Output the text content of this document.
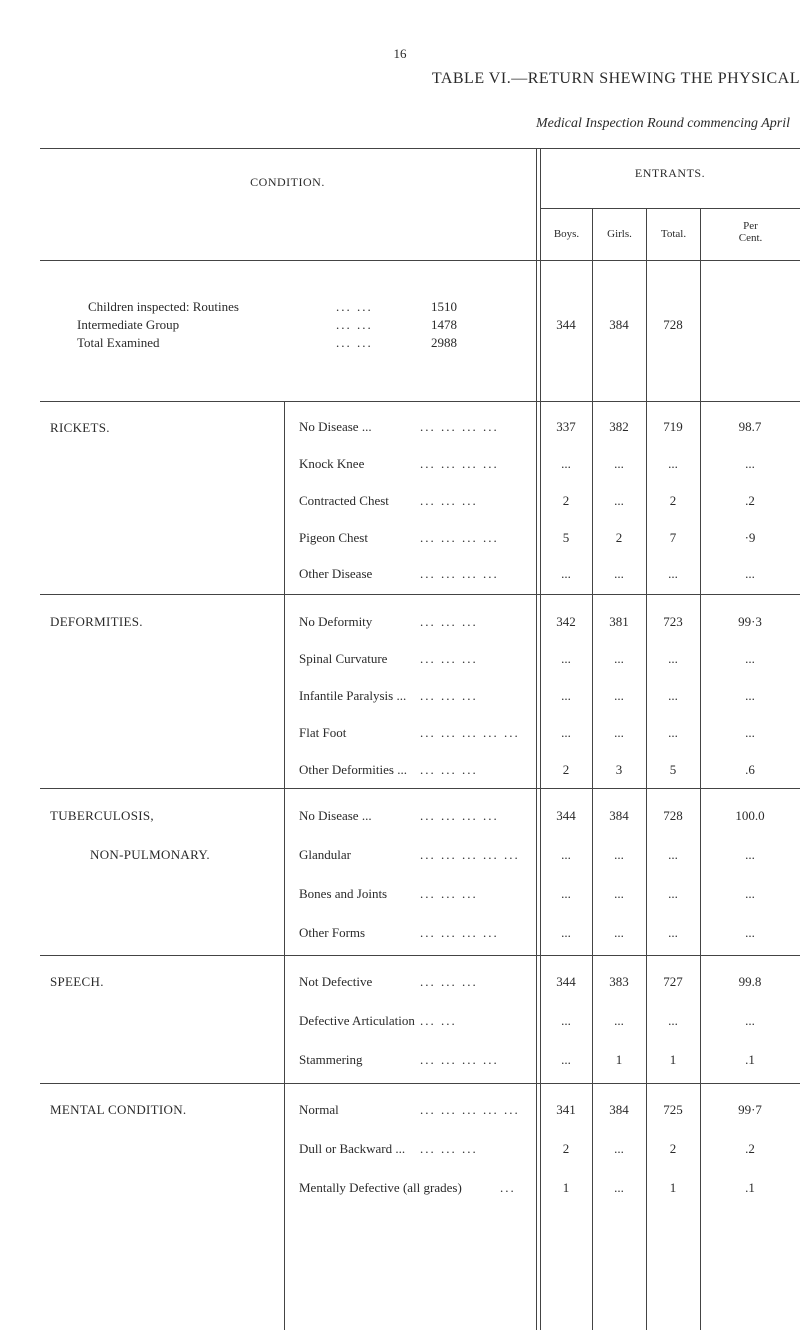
16
TABLE VI.—RETURN SHEWING THE PHYSICAL
Medical Inspection Round commencing April
CONDITION.
ENTRANTS.
Boys.	Girls.	Total.
Per
Cent.
Children inspected: Routines	... ...	1510
Intermediate Group	... ...	1478
Total Examined	... ...	2988
344	384	728
RICKETS.	No Disease ...	... ... ... ...	337	382	719	98.7
Knock Knee	... ... ... ...	...	...	...	...
Contracted Chest ... ... ...	2	...	2	.2
Pigeon Chest	... ... ... ...	5	2	7	·9
Other Disease	... ... ... ...	...	...	...	...
DEFORMITIES.	No Deformity	... ... ...	342	381	723	99·3
Spinal Curvature	... ... ...	...	...	...	...
Infantile Paralysis ... ... ... ...	...	...	...	...
Flat Foot	... ... ... ... ...	...	...	...	...
Other Deformities ... ... ... ...	2	3	5	.6
TUBERCULOSIS,
NON-PULMONARY.
No Disease ...	... ... ... ...	344	384	728	100.0
Glandular	... ... ... ... ...	...	...	...	...
Bones and Joints	... ... ...	...	...	...	...
Other Forms	... ... ... ...	...	...	...	...
SPEECH.	Not Defective	... ... ...	344	383	727	99.8
Defective Articulation ... ...	...	...	...	...
Stammering	... ... ... ...	...	1	1	.1
MENTAL CONDITION.	Normal	... ... ... ... ...	341	384	725	99·7
Dull or Backward ... ... ... ...	2	...	2	.2
Mentally Defective (all grades)	...	1	...	1	.1
